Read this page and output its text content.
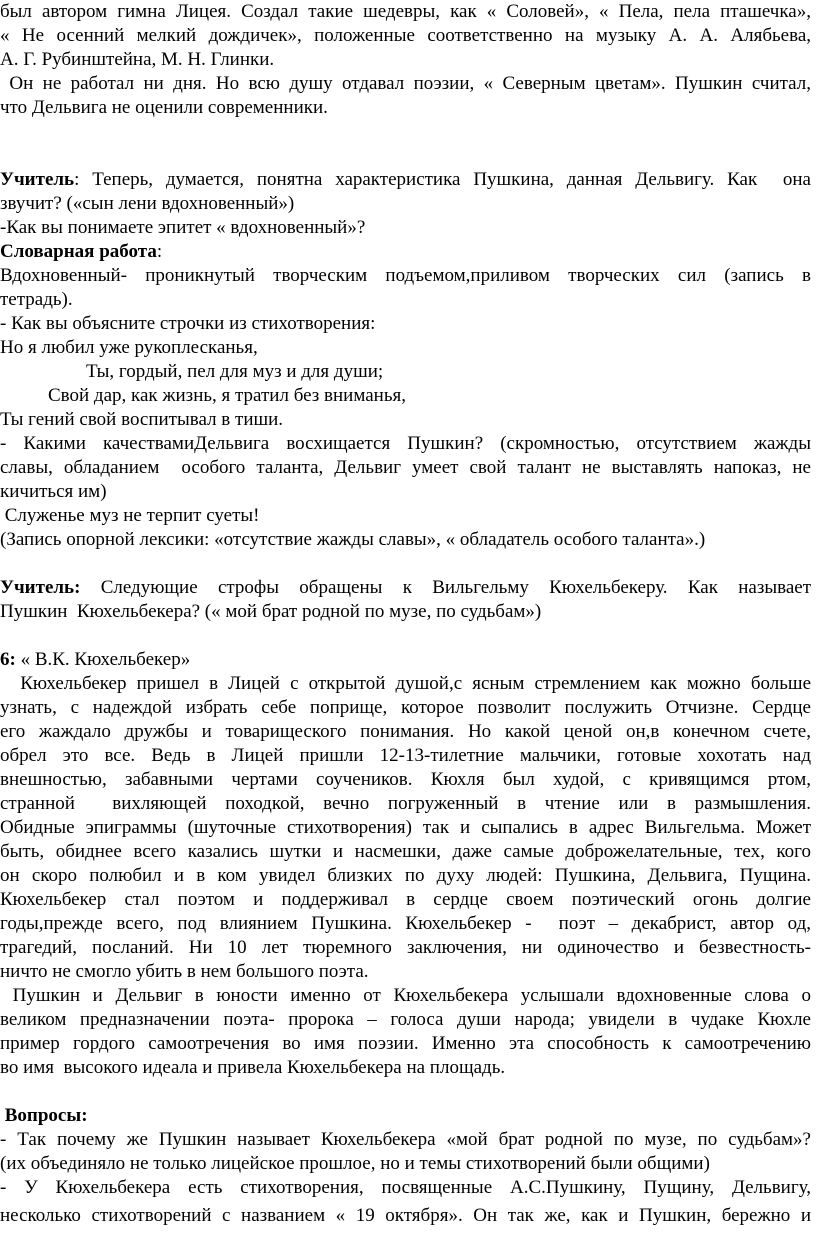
был автором гимна Лицея. Создал такие шедевры, как « Соловей», « Пела, пела пташечка»,
« Не осенний мелкий дождичек», положенные соответственно на музыку А. А. Алябьева,
А. Г. Рубинштейна, М. Н. Глинки.
Он не работал ни дня. Но всю душу отдавал поэзии, « Северным цветам». Пушкин считал,
что Дельвига не оценили современники.
Учитель: Теперь, думается, понятна характеристика Пушкина, данная Дельвигу. Как  она
звучит? («сын лени вдохновенный»)
-Как вы понимаете эпитет « вдохновенный»?
Словарная работа:
Вдохновенный- проникнутый творческим подъемом,приливом творческих сил (запись в
тетрадь).
- Как вы объясните строчки из стихотворения:
Но я любил уже рукоплесканья,
Ты, гордый, пел для муз и для души;
Свой дар, как жизнь, я тратил без вниманья,
Ты гений свой воспитывал в тиши.
- Какими качествамиДельвига восхищается Пушкин? (скромностью, отсутствием жажды
славы, обладанием  особого таланта, Дельвиг умеет свой талант не выставлять напоказ, не
кичиться им)
Служенье муз не терпит суеты!
(Запись опорной лексики: «отсутствие жажды славы», « обладатель особого таланта».)
Учитель: Следующие строфы обращены к Вильгельму Кюхельбекеру. Как называет
Пушкин  Кюхельбекера? (« мой брат родной по музе, по судьбам»)
6: « В.К. Кюхельбекер»
Кюхельбекер пришел в Лицей с открытой душой,с ясным стремлением как можно больше
узнать, с надеждой избрать себе поприще, которое позволит послужить Отчизне. Сердце
его жаждало дружбы и товарищеского понимания. Но какой ценой он,в конечном счете,
обрел это все. Ведь в Лицей пришли 12-13-тилетние мальчики, готовые хохотать над
внешностью, забавными чертами соучеников. Кюхля был худой, с кривящимся ртом,
странной  вихляющей походкой, вечно погруженный в чтение или в размышления.
Обидные эпиграммы (шуточные стихотворения) так и сыпались в адрес Вильгельма. Может
быть, обиднее всего казались шутки и насмешки, даже самые доброжелательные, тех, кого
он скоро полюбил и в ком увидел близких по духу людей: Пушкина, Дельвига, Пущина.
Кюхельбекер стал поэтом и поддерживал в сердце своем поэтический огонь долгие
годы,прежде всего, под влиянием Пушкина. Кюхельбекер -  поэт – декабрист, автор од,
трагедий, посланий. Ни 10 лет тюремного заключения, ни одиночество и безвестность-
ничто не смогло убить в нем большого поэта.
Пушкин и Дельвиг в юности именно от Кюхельбекера услышали вдохновенные слова о
великом предназначении поэта- пророка – голоса души народа; увидели в чудаке Кюхле
пример гордого самоотречения во имя поэзии. Именно эта способность к самоотречению
во имя  высокого идеала и привела Кюхельбекера на площадь.
Вопросы:
- Так почему же Пушкин называет Кюхельбекера «мой брат родной по музе, по судьбам»?
(их объединяло не только лицейское прошлое, но и темы стихотворений были общими)
- У Кюхельбекера есть стихотворения, посвященные А.С.Пушкину, Пущину, Дельвигу,
несколько стихотворений с названием « 19 октября». Он так же, как и Пушкин, бережно и
